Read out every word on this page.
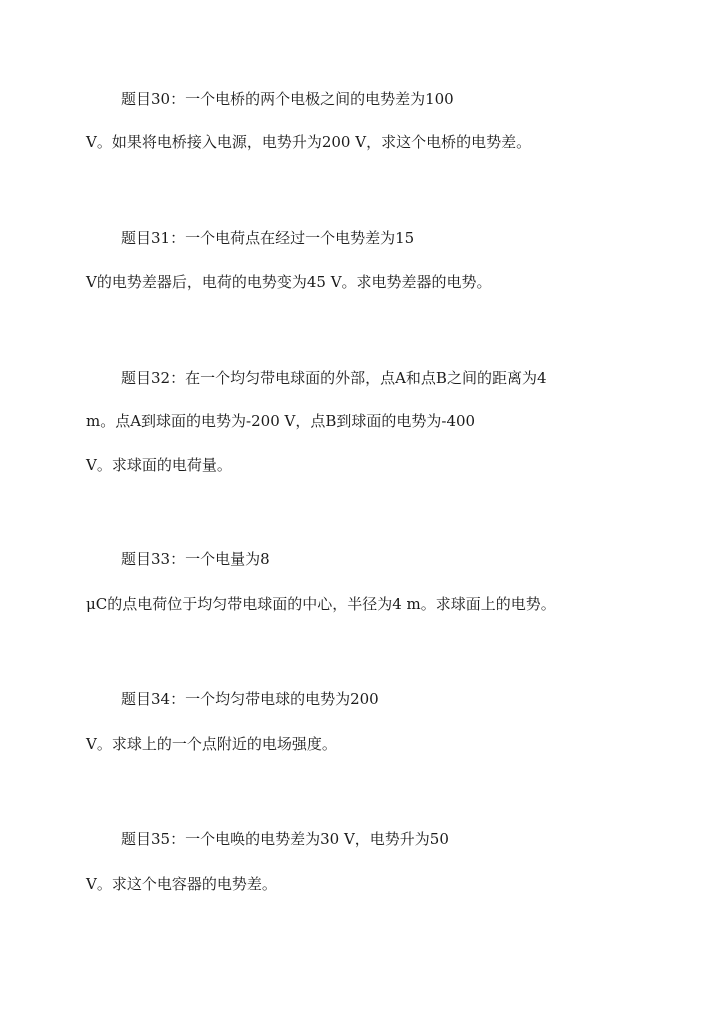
题目30：一个电桥的两个电极之间的电势差为100
V。如果将电桥接入电源，电势升为200 V，求这个电桥的电势差。
题目31：一个电荷点在经过一个电势差为15
V的电势差器后，电荷的电势变为45 V。求电势差器的电势。
题目32：在一个均匀带电球面的外部，点A和点B之间的距离为4
m。点A到球面的电势为-200 V，点B到球面的电势为-400
V。求球面的电荷量。
题目33：一个电量为8
μC的点电荷位于均匀带电球面的中心，半径为4 m。求球面上的电势。
题目34：一个均匀带电球的电势为200
V。求球上的一个点附近的电场强度。
题目35：一个电唤的电势差为30 V，电势升为50
V。求这个电容器的电势差。
